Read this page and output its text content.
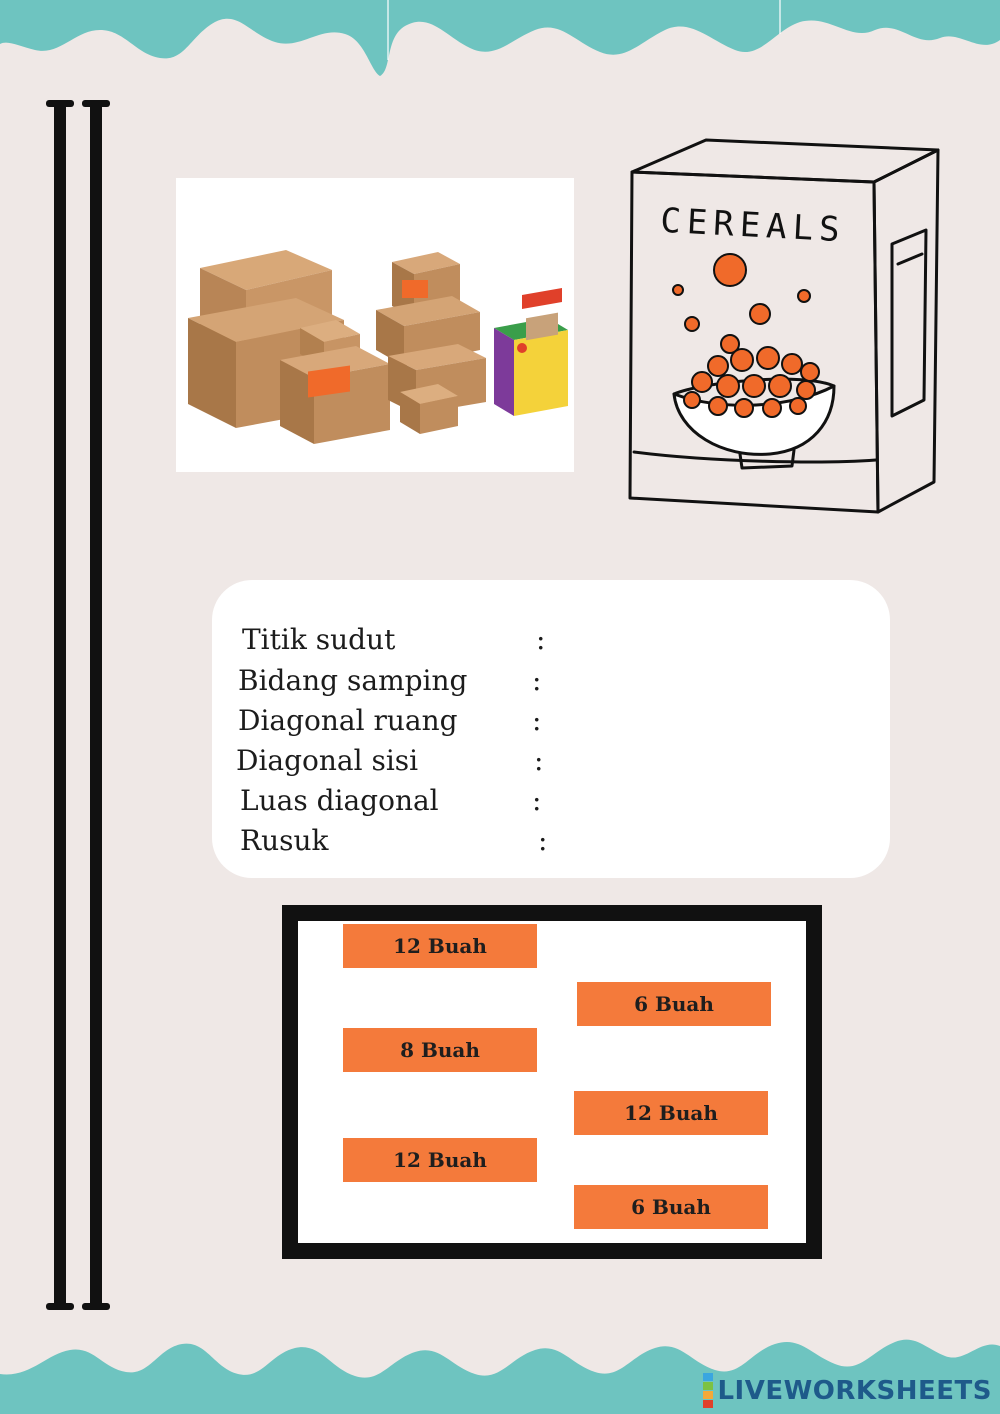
CEREALS
Titik sudut	:
Bidang samping :
Diagonal ruang	:
Diagonal sisi	:
Luas diagonal	:
Rusuk	:
12 Buah
6 Buah
8 Buah
12 Buah
12 Buah
6 Buah
LIVEWORKSHEETS
